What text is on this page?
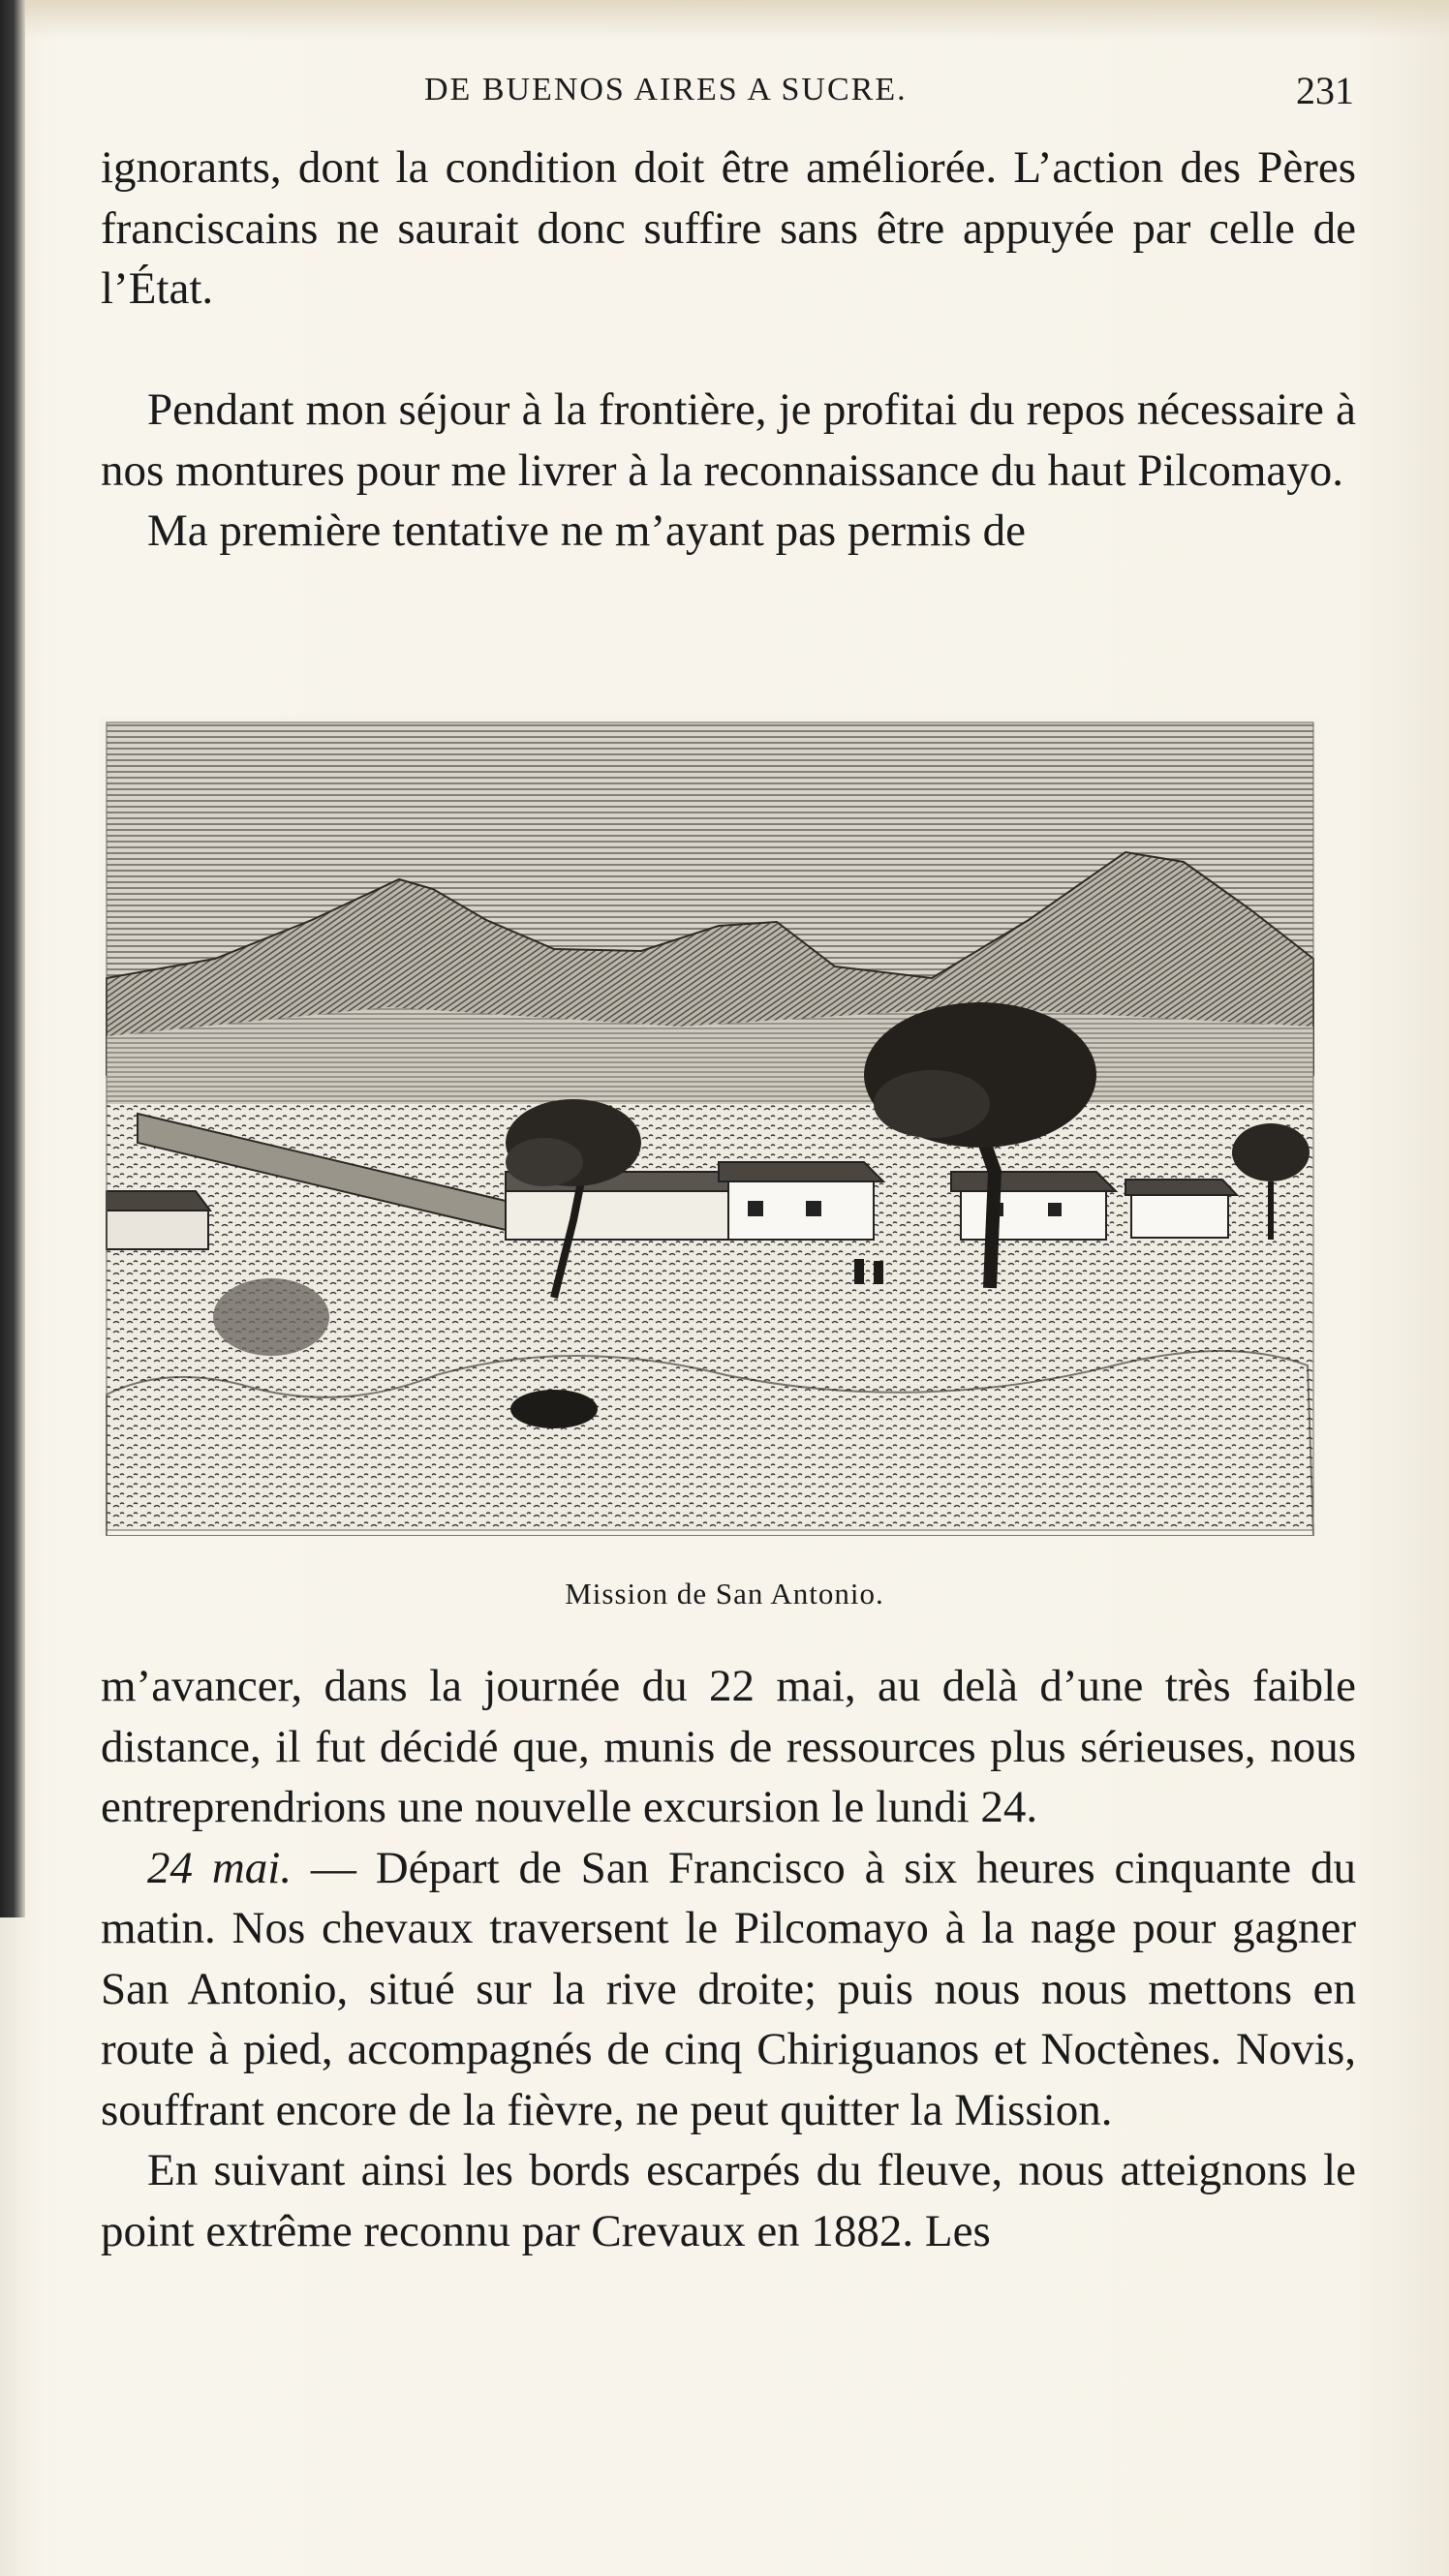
DE BUENOS AIRES A SUCRE.	231

ignorants, dont la condition doit être améliorée. L’action des Pères franciscains ne saurait donc suffire sans être appuyée par celle de l’État.

Pendant mon séjour à la frontière, je profitai du repos nécessaire à nos montures pour me livrer à la reconnaissance du haut Pilcomayo.

Ma première tentative ne m’ayant pas permis de

Mission de San Antonio.

m’avancer, dans la journée du 22 mai, au delà d’une très faible distance, il fut décidé que, munis de ressources plus sérieuses, nous entreprendrions une nouvelle excursion le lundi 24.

24 mai. — Départ de San Francisco à six heures cinquante du matin. Nos chevaux traversent le Pilcomayo à la nage pour gagner San Antonio, situé sur la rive droite; puis nous nous mettons en route à pied, accompagnés de cinq Chiriguanos et Noctènes. Novis, souffrant encore de la fièvre, ne peut quitter la Mission.

En suivant ainsi les bords escarpés du fleuve, nous atteignons le point extrême reconnu par Crevaux en 1882. Les
